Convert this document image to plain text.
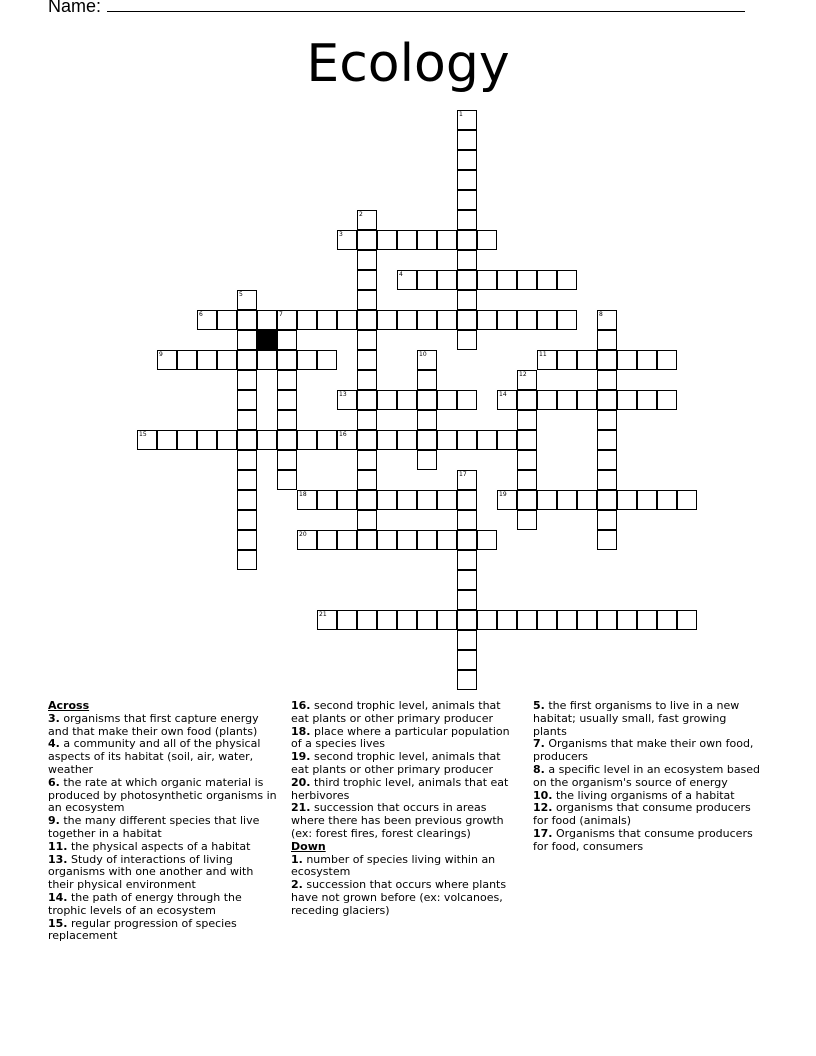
Name:
Ecology
1
2
3
4
5
6	7	8
9	10	11
12
13	14
15	16
17
18	19
20
21
Across
3. organisms that first capture energy and that make their own food (plants)
4. a community and all of the physical aspects of its habitat (soil, air, water, weather
6. the rate at which organic material is produced by photosynthetic organisms in an ecosystem
9. the many different species that live together in a habitat
11. the physical aspects of a habitat
13. Study of interactions of living organisms with one another and with their physical environment
14. the path of energy through the trophic levels of an ecosystem
15. regular progression of species replacement
16. second trophic level, animals that eat plants or other primary producer
18. place where a particular population of a species lives
19. second trophic level, animals that eat plants or other primary producer
20. third trophic level, animals that eat herbivores
21. succession that occurs in areas where there has been previous growth (ex: forest fires, forest clearings)
Down
1. number of species living within an ecosystem
2. succession that occurs where plants have not grown before (ex: volcanoes, receding glaciers)
5. the first organisms to live in a new habitat; usually small, fast growing plants
7. Organisms that make their own food, producers
8. a specific level in an ecosystem based on the organism's source of energy
10. the living organisms of a habitat
12. organisms that consume producers for food (animals)
17. Organisms that consume producers for food, consumers
